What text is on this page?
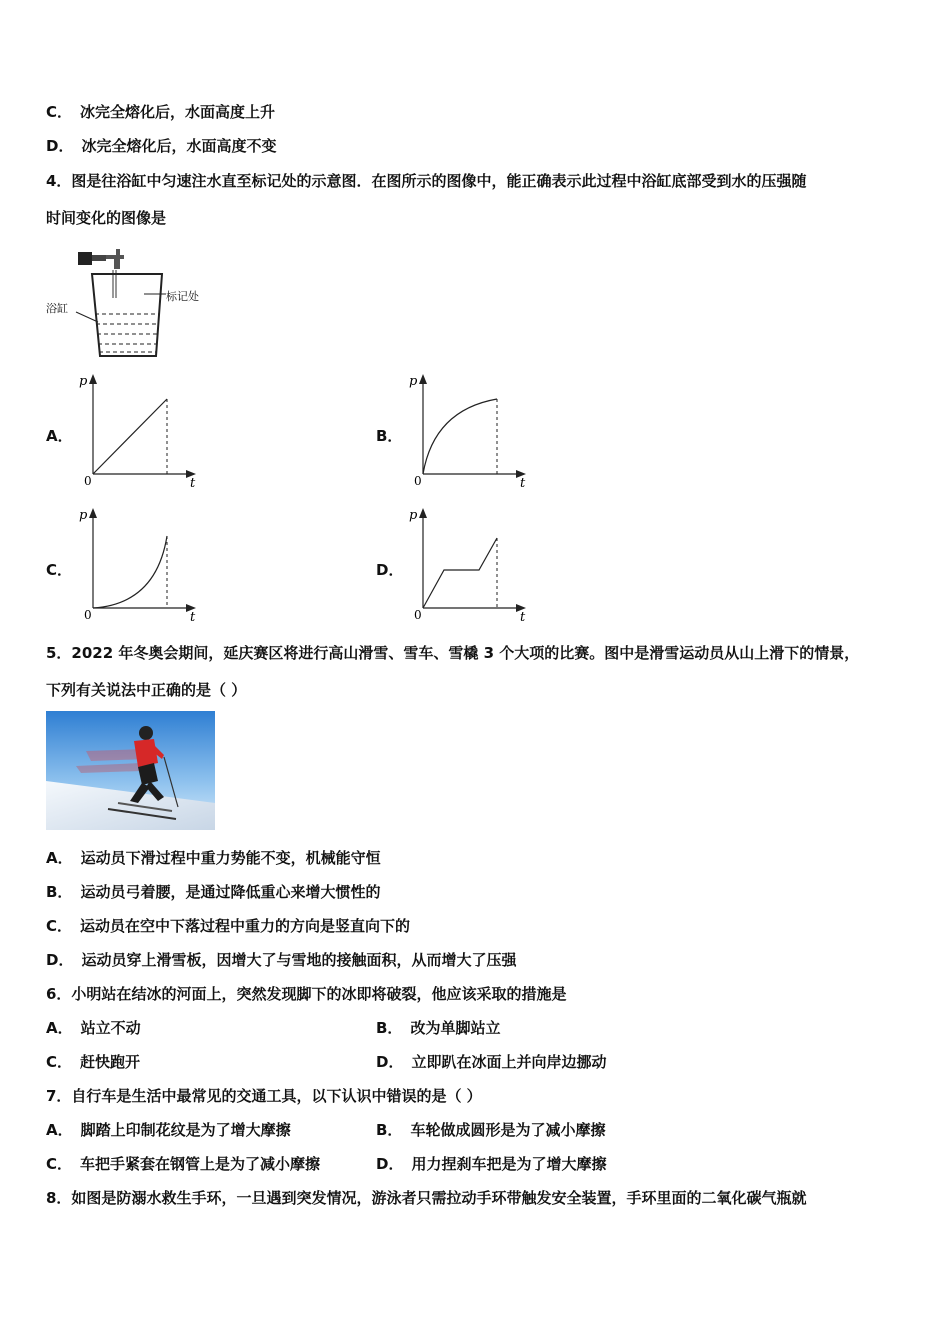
C． 冰完全熔化后，水面高度上升
D． 冰完全熔化后，水面高度不变
4．图是往浴缸中匀速注水直至标记处的示意图．在图所示的图像中，能正确表示此过程中浴缸底部受到水的压强随
时间变化的图像是
标记处
浴缸
A．
p
t
0
B．
p
t
0
C．
p
t
0
D．
p
t
0
5．2022 年冬奥会期间，延庆赛区将进行高山滑雪、雪车、雪橇 3 个大项的比赛。图中是滑雪运动员从山上滑下的情景，
下列有关说法中正确的是（ ）
A． 运动员下滑过程中重力势能不变，机械能守恒
B． 运动员弓着腰，是通过降低重心来增大惯性的
C． 运动员在空中下落过程中重力的方向是竖直向下的
D． 运动员穿上滑雪板，因增大了与雪地的接触面积，从而增大了压强
6．小明站在结冰的河面上，突然发现脚下的冰即将破裂，他应该采取的措施是
A． 站立不动	B． 改为单脚站立
C． 赶快跑开	D． 立即趴在冰面上并向岸边挪动
7．自行车是生活中最常见的交通工具，以下认识中错误的是（ ）
A． 脚踏上印制花纹是为了增大摩擦	B． 车轮做成圆形是为了减小摩擦
C． 车把手紧套在钢管上是为了减小摩擦	D． 用力捏刹车把是为了增大摩擦
8．如图是防溺水救生手环，一旦遇到突发情况，游泳者只需拉动手环带触发安全装置，手环里面的二氧化碳气瓶就
